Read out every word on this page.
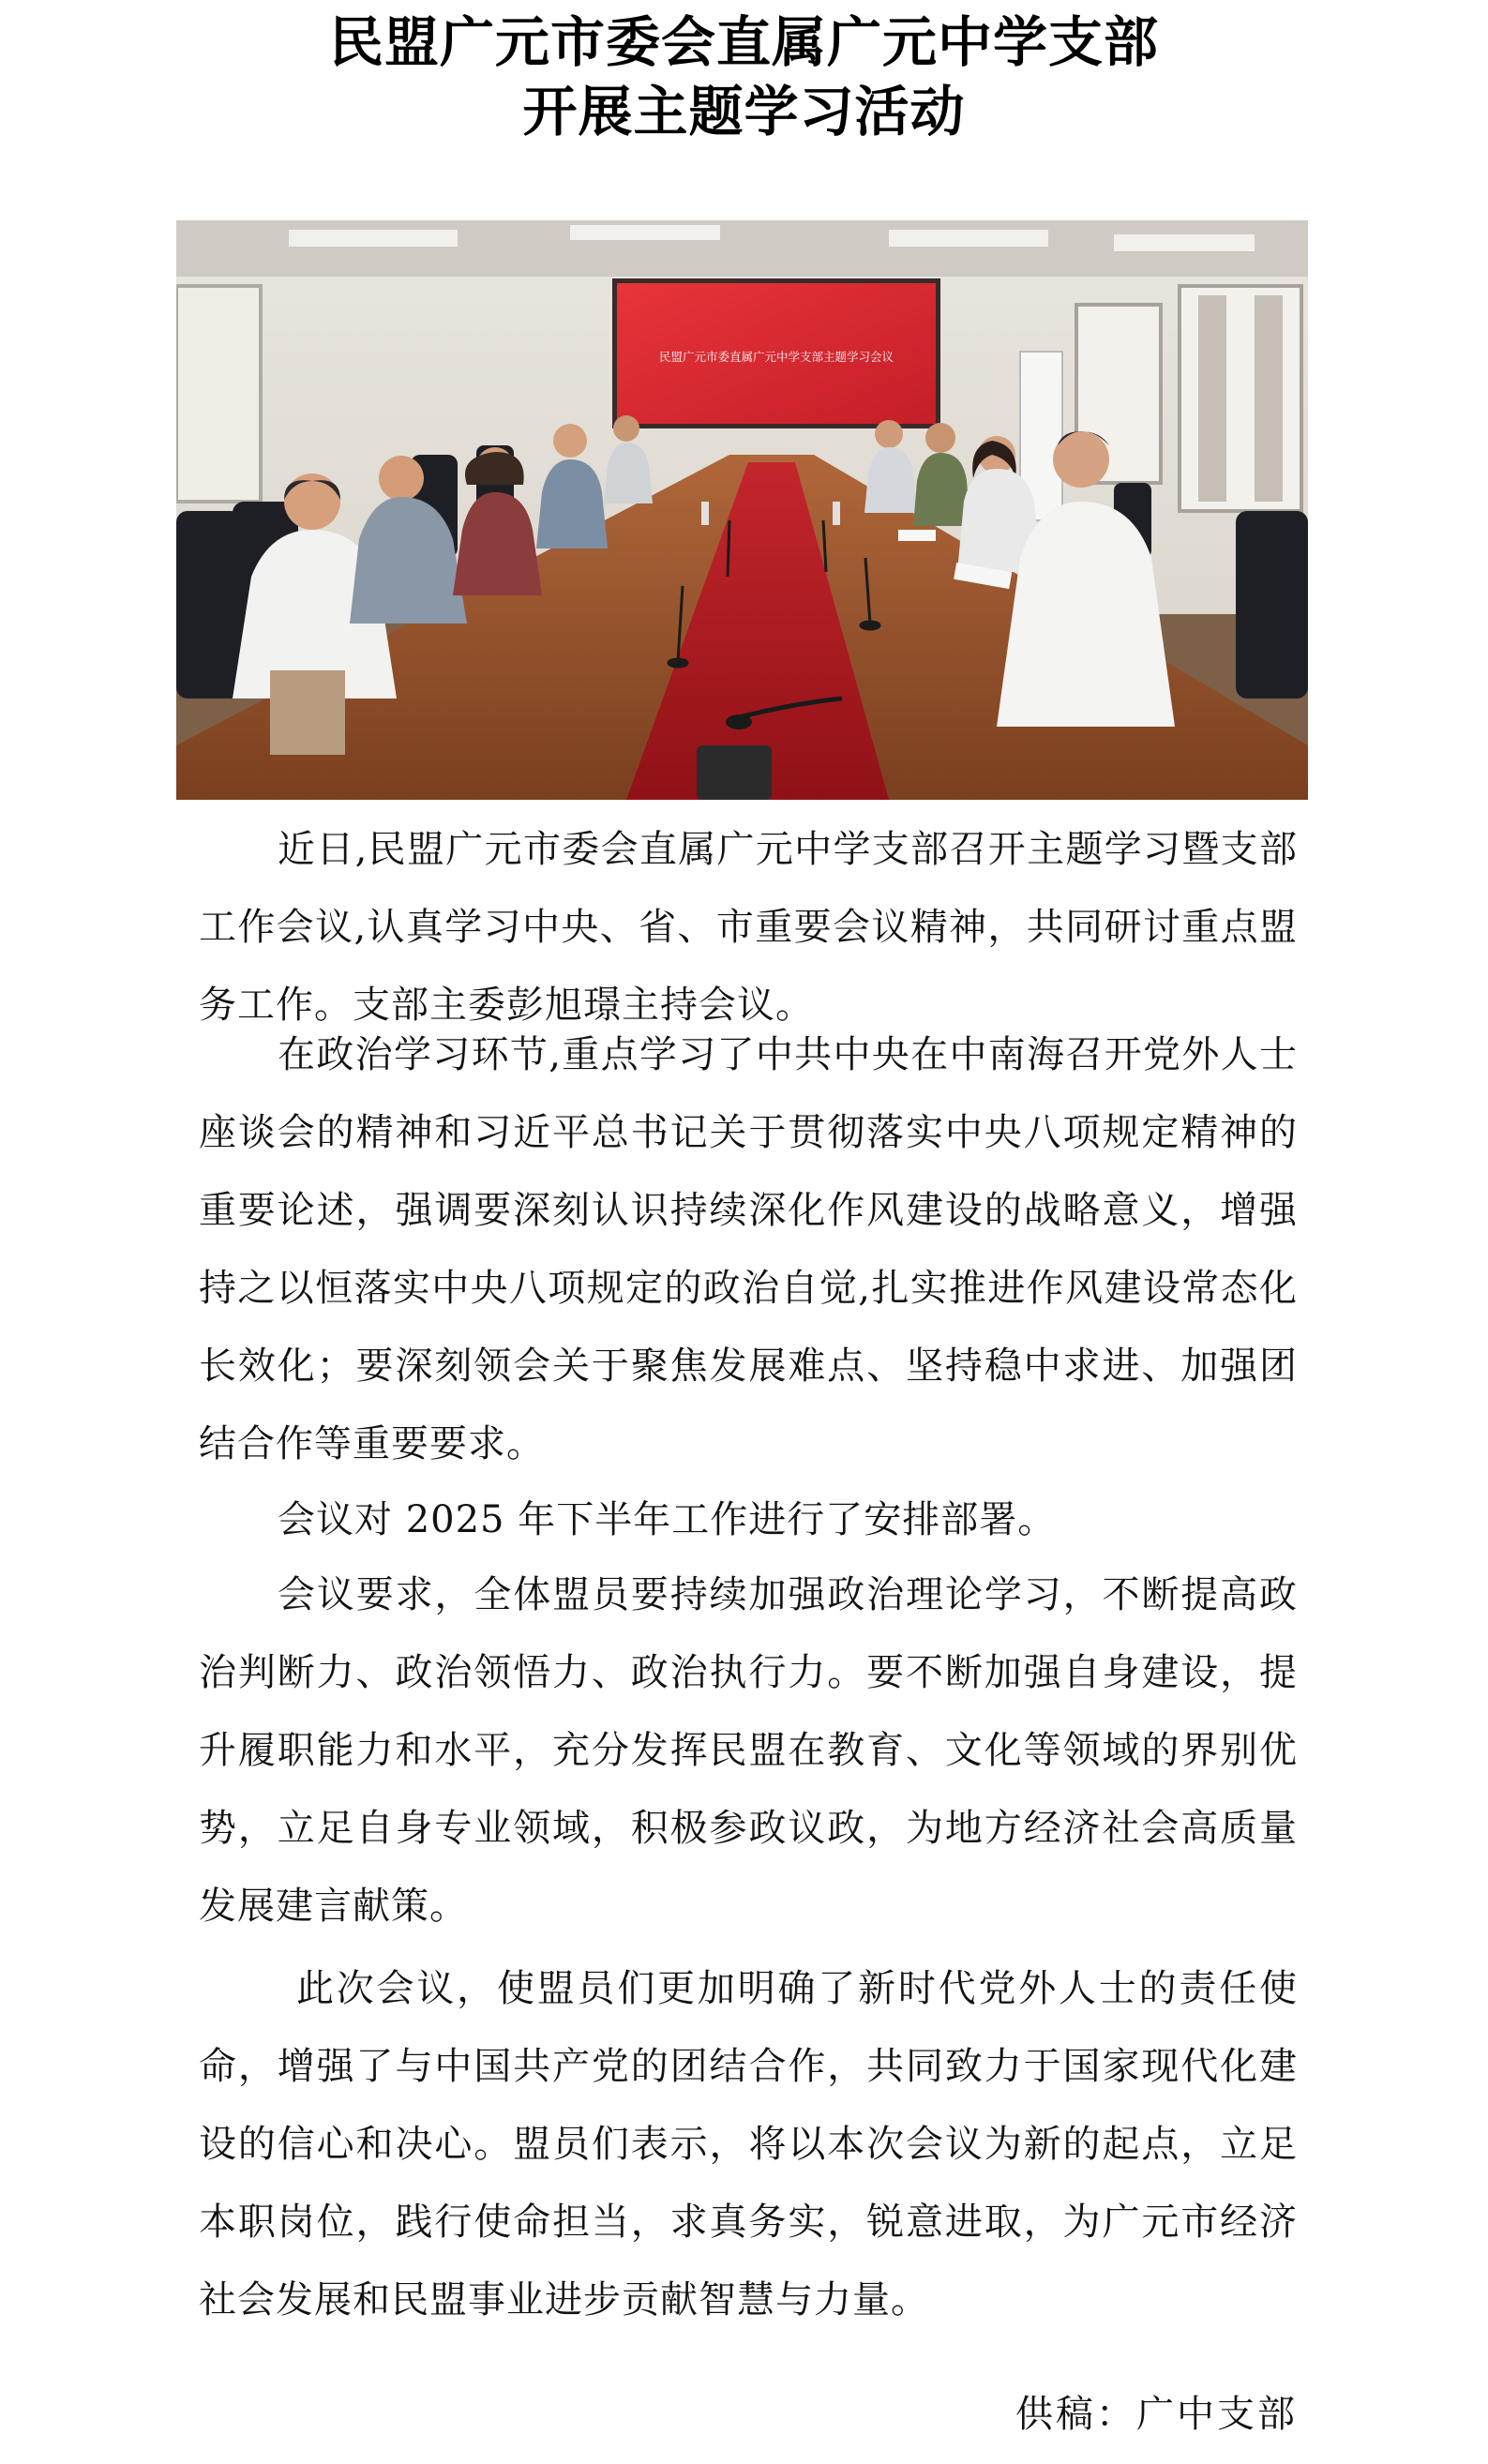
民盟广元市委会直属广元中学支部
开展主题学习活动
民盟广元市委直属广元中学支部主题学习会议
近日,民盟广元市委会直属广元中学支部召开主题学习暨支部工作会议,认真学习中央、省、市重要会议精神，共同研讨重点盟务工作。支部主委彭旭璟主持会议。
在政治学习环节,重点学习了中共中央在中南海召开党外人士座谈会的精神和习近平总书记关于贯彻落实中央八项规定精神的重要论述，强调要深刻认识持续深化作风建设的战略意义，增强持之以恒落实中央八项规定的政治自觉,扎实推进作风建设常态化长效化；要深刻领会关于聚焦发展难点、坚持稳中求进、加强团结合作等重要要求。
会议对 2025 年下半年工作进行了安排部署。
会议要求，全体盟员要持续加强政治理论学习，不断提高政治判断力、政治领悟力、政治执行力。要不断加强自身建设，提升履职能力和水平，充分发挥民盟在教育、文化等领域的界别优势，立足自身专业领域，积极参政议政，为地方经济社会高质量发展建言献策。
此次会议，使盟员们更加明确了新时代党外人士的责任使命，增强了与中国共产党的团结合作，共同致力于国家现代化建设的信心和决心。盟员们表示，将以本次会议为新的起点，立足本职岗位，践行使命担当，求真务实，锐意进取，为广元市经济社会发展和民盟事业进步贡献智慧与力量。
供稿：广中支部
